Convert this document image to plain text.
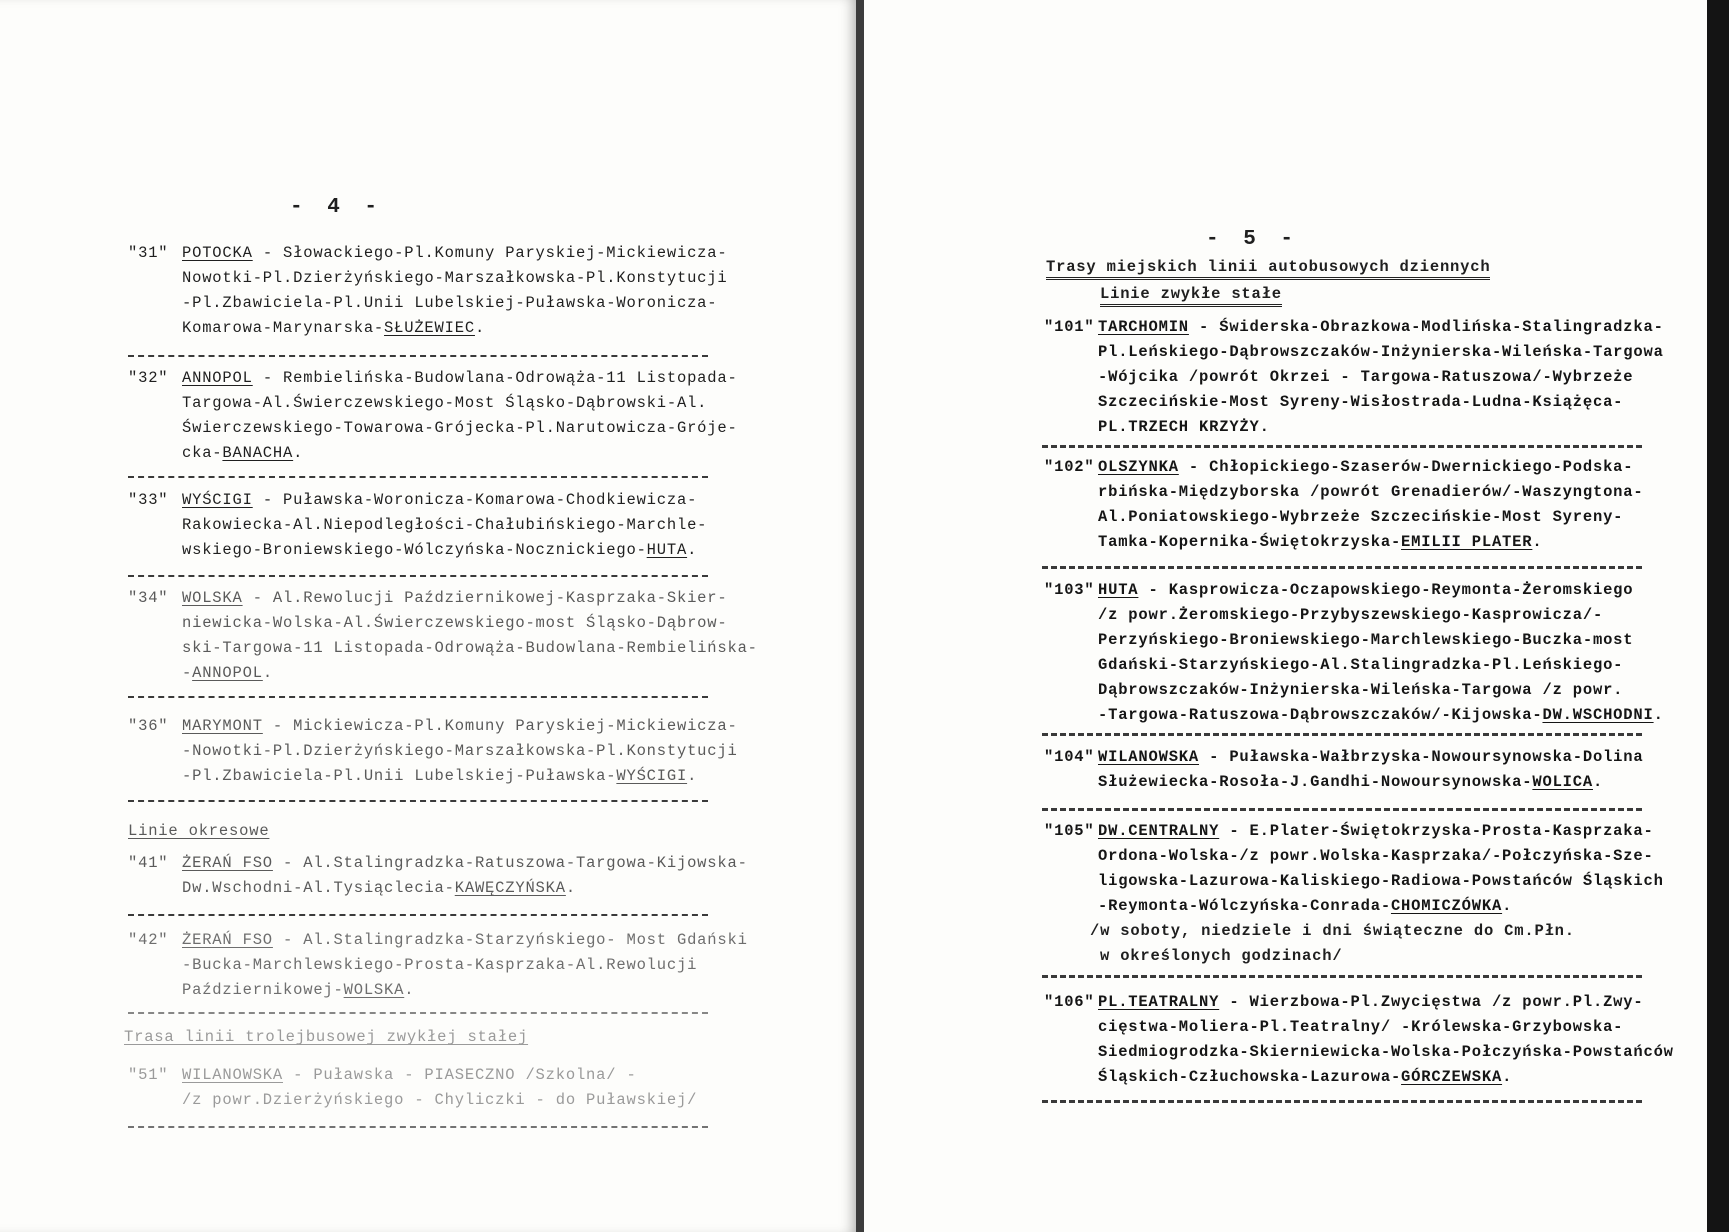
- 4 -
"31" POTOCKA - Słowackiego-Pl.Komuny Paryskiej-Mickiewicza-
Nowotki-Pl.Dzierżyńskiego-Marszałkowska-Pl.Konstytucji
-Pl.Zbawiciela-Pl.Unii Lubelskiej-Puławska-Woronicza-
Komarowa-Marynarska-SŁUŻEWIEC.
"32" ANNOPOL - Rembielińska-Budowlana-Odrowąża-11 Listopada-
Targowa-Al.Świerczewskiego-Most Śląsko-Dąbrowski-Al.
Świerczewskiego-Towarowa-Grójecka-Pl.Narutowicza-Gróje-
cka-BANACHA.
"33" WYŚCIGI - Puławska-Woronicza-Komarowa-Chodkiewicza-
Rakowiecka-Al.Niepodległości-Chałubińskiego-Marchle-
wskiego-Broniewskiego-Wólczyńska-Nocznickiego-HUTA.
"34" WOLSKA - Al.Rewolucji Październikowej-Kasprzaka-Skier-
niewicka-Wolska-Al.Świerczewskiego-most Śląsko-Dąbrow-
ski-Targowa-11 Listopada-Odrowąża-Budowlana-Rembielińska-
-ANNOPOL.
"36" MARYMONT - Mickiewicza-Pl.Komuny Paryskiej-Mickiewicza-
-Nowotki-Pl.Dzierżyńskiego-Marszałkowska-Pl.Konstytucji
-Pl.Zbawiciela-Pl.Unii Lubelskiej-Puławska-WYŚCIGI.
Linie okresowe
"41" ŻERAŃ FSO - Al.Stalingradzka-Ratuszowa-Targowa-Kijowska-
Dw.Wschodni-Al.Tysiąclecia-KAWĘCZYŃSKA.
"42" ŻERAŃ FSO - Al.Stalingradzka-Starzyńskiego- Most Gdański
-Bucka-Marchlewskiego-Prosta-Kasprzaka-Al.Rewolucji
Październikowej-WOLSKA.
Trasa linii trolejbusowej zwykłej stałej
"51" WILANOWSKA - Puławska - PIASECZNO /Szkolna/ -
/z powr.Dzierżyńskiego - Chyliczki - do Puławskiej/
- 5 -
Trasy miejskich linii autobusowych dziennych
Linie zwykłe stałe
"101" TARCHOMIN - Świderska-Obrazkowa-Modlińska-Stalingradzka-
Pl.Leńskiego-Dąbrowszczaków-Inżynierska-Wileńska-Targowa
-Wójcika /powrót Okrzei - Targowa-Ratuszowa/-Wybrzeże
Szczecińskie-Most Syreny-Wisłostrada-Ludna-Książęca-
PL.TRZECH KRZYŻY.
"102" OLSZYNKA - Chłopickiego-Szaserów-Dwernickiego-Podska-
rbińska-Międzyborska /powrót Grenadierów/-Waszyngtona-
Al.Poniatowskiego-Wybrzeże Szczecińskie-Most Syreny-
Tamka-Kopernika-Świętokrzyska-EMILII PLATER.
"103" HUTA - Kasprowicza-Oczapowskiego-Reymonta-Żeromskiego
/z powr.Żeromskiego-Przybyszewskiego-Kasprowicza/-
Perzyńskiego-Broniewskiego-Marchlewskiego-Buczka-most
Gdański-Starzyńskiego-Al.Stalingradzka-Pl.Leńskiego-
Dąbrowszczaków-Inżynierska-Wileńska-Targowa /z powr.
-Targowa-Ratuszowa-Dąbrowszczaków/-Kijowska-DW.WSCHODNI.
"104" WILANOWSKA - Puławska-Wałbrzyska-Nowoursynowska-Dolina
Służewiecka-Rosoła-J.Gandhi-Nowoursynowska-WOLICA.
"105" DW.CENTRALNY - E.Plater-Świętokrzyska-Prosta-Kasprzaka-
Ordona-Wolska-/z powr.Wolska-Kasprzaka/-Połczyńska-Sze-
ligowska-Lazurowa-Kaliskiego-Radiowa-Powstańców Śląskich
-Reymonta-Wólczyńska-Conrada-CHOMICZÓWKA.
/w soboty, niedziele i dni świąteczne do Cm.Płn.
w określonych godzinach/
"106" PL.TEATRALNY - Wierzbowa-Pl.Zwycięstwa /z powr.Pl.Zwy-
cięstwa-Moliera-Pl.Teatralny/ -Królewska-Grzybowska-
Siedmiogrodzka-Skierniewicka-Wolska-Połczyńska-Powstańców
Śląskich-Człuchowska-Lazurowa-GÓRCZEWSKA.
